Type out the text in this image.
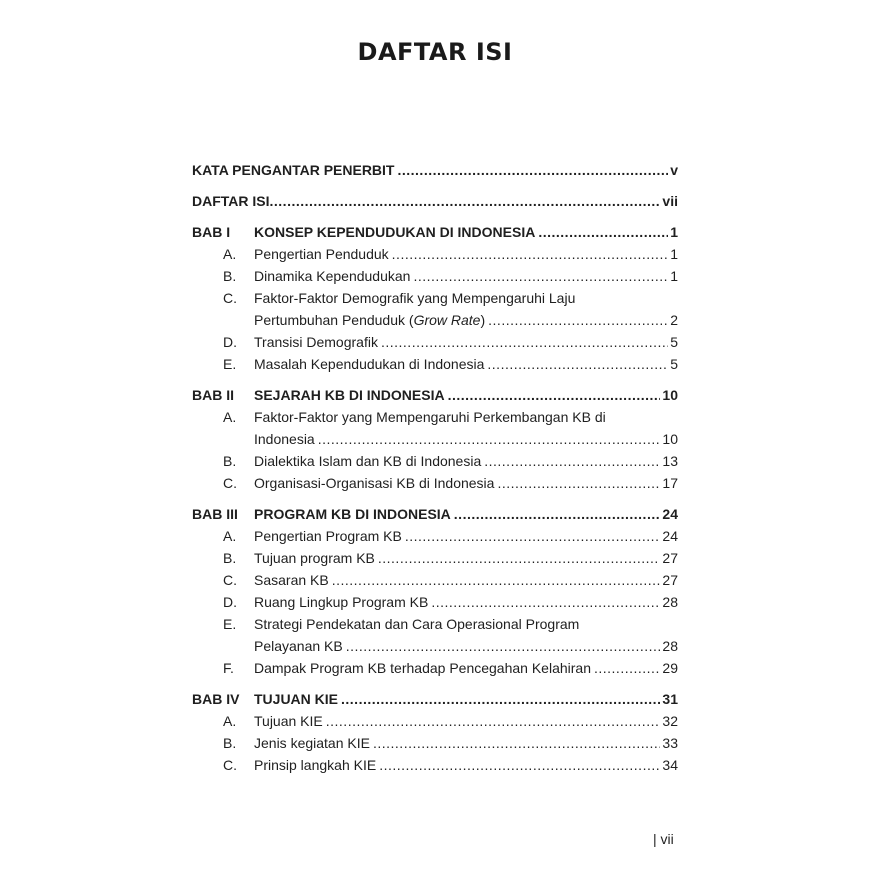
DAFTAR ISI
KATA PENGANTAR PENERBIT .....	v
DAFTAR ISI .....	vii
BAB I	KONSEP KEPENDUDUKAN DI INDONESIA .....	1
A.	Pengertian Penduduk .....	1
B.	Dinamika Kependudukan .....	1
C.	Faktor-Faktor Demografik yang Mempengaruhi Laju
Pertumbuhan Penduduk (Grow Rate) .....	2
D.	Transisi Demografik .....	5
E.	Masalah Kependudukan di Indonesia .....	5
BAB II	SEJARAH KB DI INDONESIA .....	10
A.	Faktor-Faktor yang Mempengaruhi Perkembangan KB di
Indonesia .....	10
B.	Dialektika Islam dan KB di Indonesia .....	13
C.	Organisasi-Organisasi KB di Indonesia .....	17
BAB III	PROGRAM KB DI INDONESIA .....	24
A.	Pengertian Program KB .....	24
B.	Tujuan program KB .....	27
C.	Sasaran KB .....	27
D.	Ruang Lingkup Program KB .....	28
E.	Strategi Pendekatan dan Cara Operasional Program
Pelayanan KB .....	28
F.	Dampak Program KB terhadap Pencegahan Kelahiran .....	29
BAB IV	TUJUAN KIE .....	31
A.	Tujuan KIE .....	32
B.	Jenis kegiatan KIE .....	33
C.	Prinsip langkah KIE .....	34
| vii
